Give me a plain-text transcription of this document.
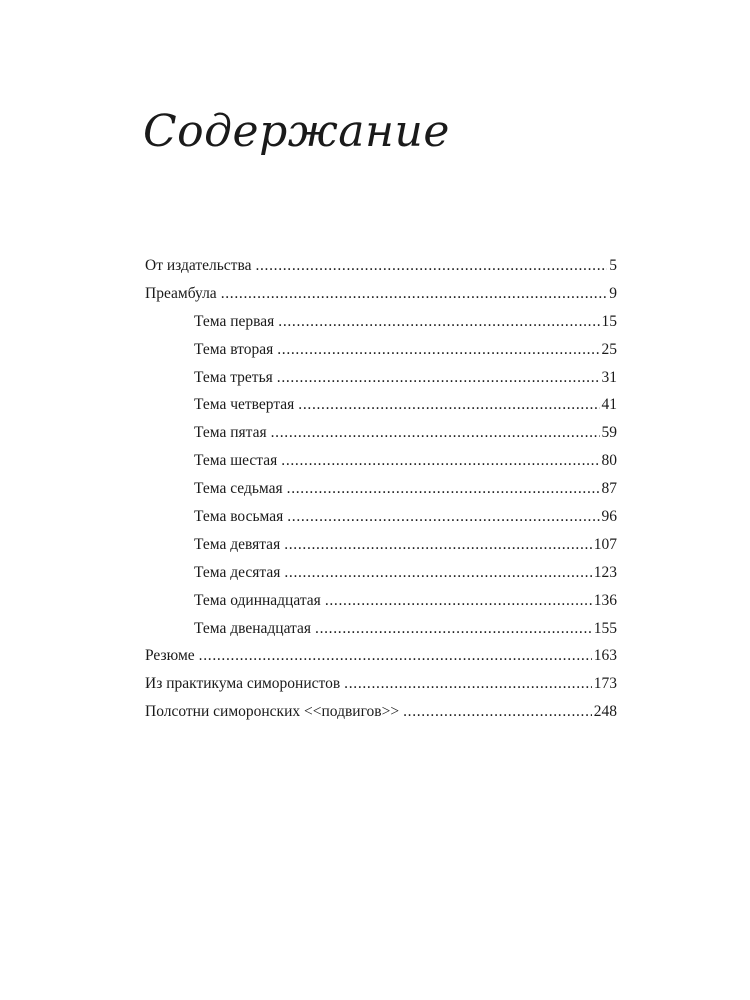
Содержание
От издательства . . .	5
Преамбула . . .	9
Тема первая . . .	15
Тема вторая . . .	25
Тема третья . . .	31
Тема четвертая . . .	41
Тема пятая . . .	59
Тема шестая . . .	80
Тема седьмая . . .	87
Тема восьмая . . .	96
Тема девятая . . .	107
Тема десятая . . .	123
Тема одиннадцатая . . .	136
Тема двенадцатая . . .	155
Резюме . . .	163
Из практикума симоронистов . . .	173
Полсотни симоронских <<подвигов>> . . .	248
